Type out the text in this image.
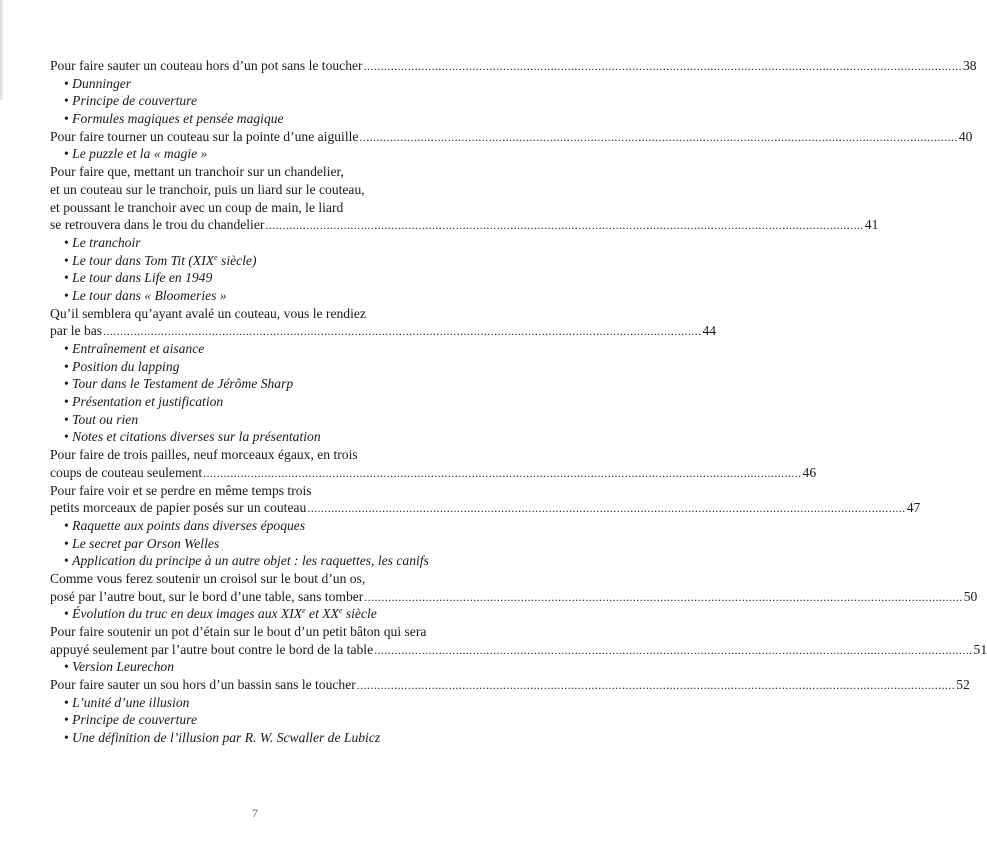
Pour faire sauter un couteau hors d’un pot sans le toucher ................................................................................................................................................................................ 38
• Dunninger
• Principe de couverture
• Formules magiques et pensée magique
Pour faire tourner un couteau sur la pointe d’une aiguille ................................................................................................................................................................................ 40
• Le puzzle et la « magie »
Pour faire que, mettant un tranchoir sur un chandelier,
et un couteau sur le tranchoir, puis un liard sur le couteau,
et poussant le tranchoir avec un coup de main, le liard
se retrouvera dans le trou du chandelier ................................................................................................................................................................................ 41
• Le tranchoir
• Le tour dans Tom Tit (XIXe siècle)
• Le tour dans Life en 1949
• Le tour dans « Bloomeries »
Qu’il semblera qu’ayant avalé un couteau, vous le rendiez
par le bas ................................................................................................................................................................................ 44
• Entraînement et aisance
• Position du lapping
• Tour dans le Testament de Jérôme Sharp
• Présentation et justification
• Tout ou rien
• Notes et citations diverses sur la présentation
Pour faire de trois pailles, neuf morceaux égaux, en trois
coups de couteau seulement ................................................................................................................................................................................ 46
Pour faire voir et se perdre en même temps trois
petits morceaux de papier posés sur un couteau ................................................................................................................................................................................ 47
• Raquette aux points dans diverses époques
• Le secret par Orson Welles
• Application du principe à un autre objet : les raquettes, les canifs
Comme vous ferez soutenir un croisol sur le bout d’un os,
posé par l’autre bout, sur le bord d’une table, sans tomber ................................................................................................................................................................................ 50
• Évolution du truc en deux images aux XIXe et XXe siècle
Pour faire soutenir un pot d’étain sur le bout d’un petit bâton qui sera
appuyé seulement par l’autre bout contre le bord de la table ................................................................................................................................................................................ 51
• Version Leurechon
Pour faire sauter un sou hors d’un bassin sans le toucher ................................................................................................................................................................................ 52
• L’unité d’une illusion
• Principe de couverture
• Une définition de l’illusion par R. W. Scwaller de Lubicz
7
